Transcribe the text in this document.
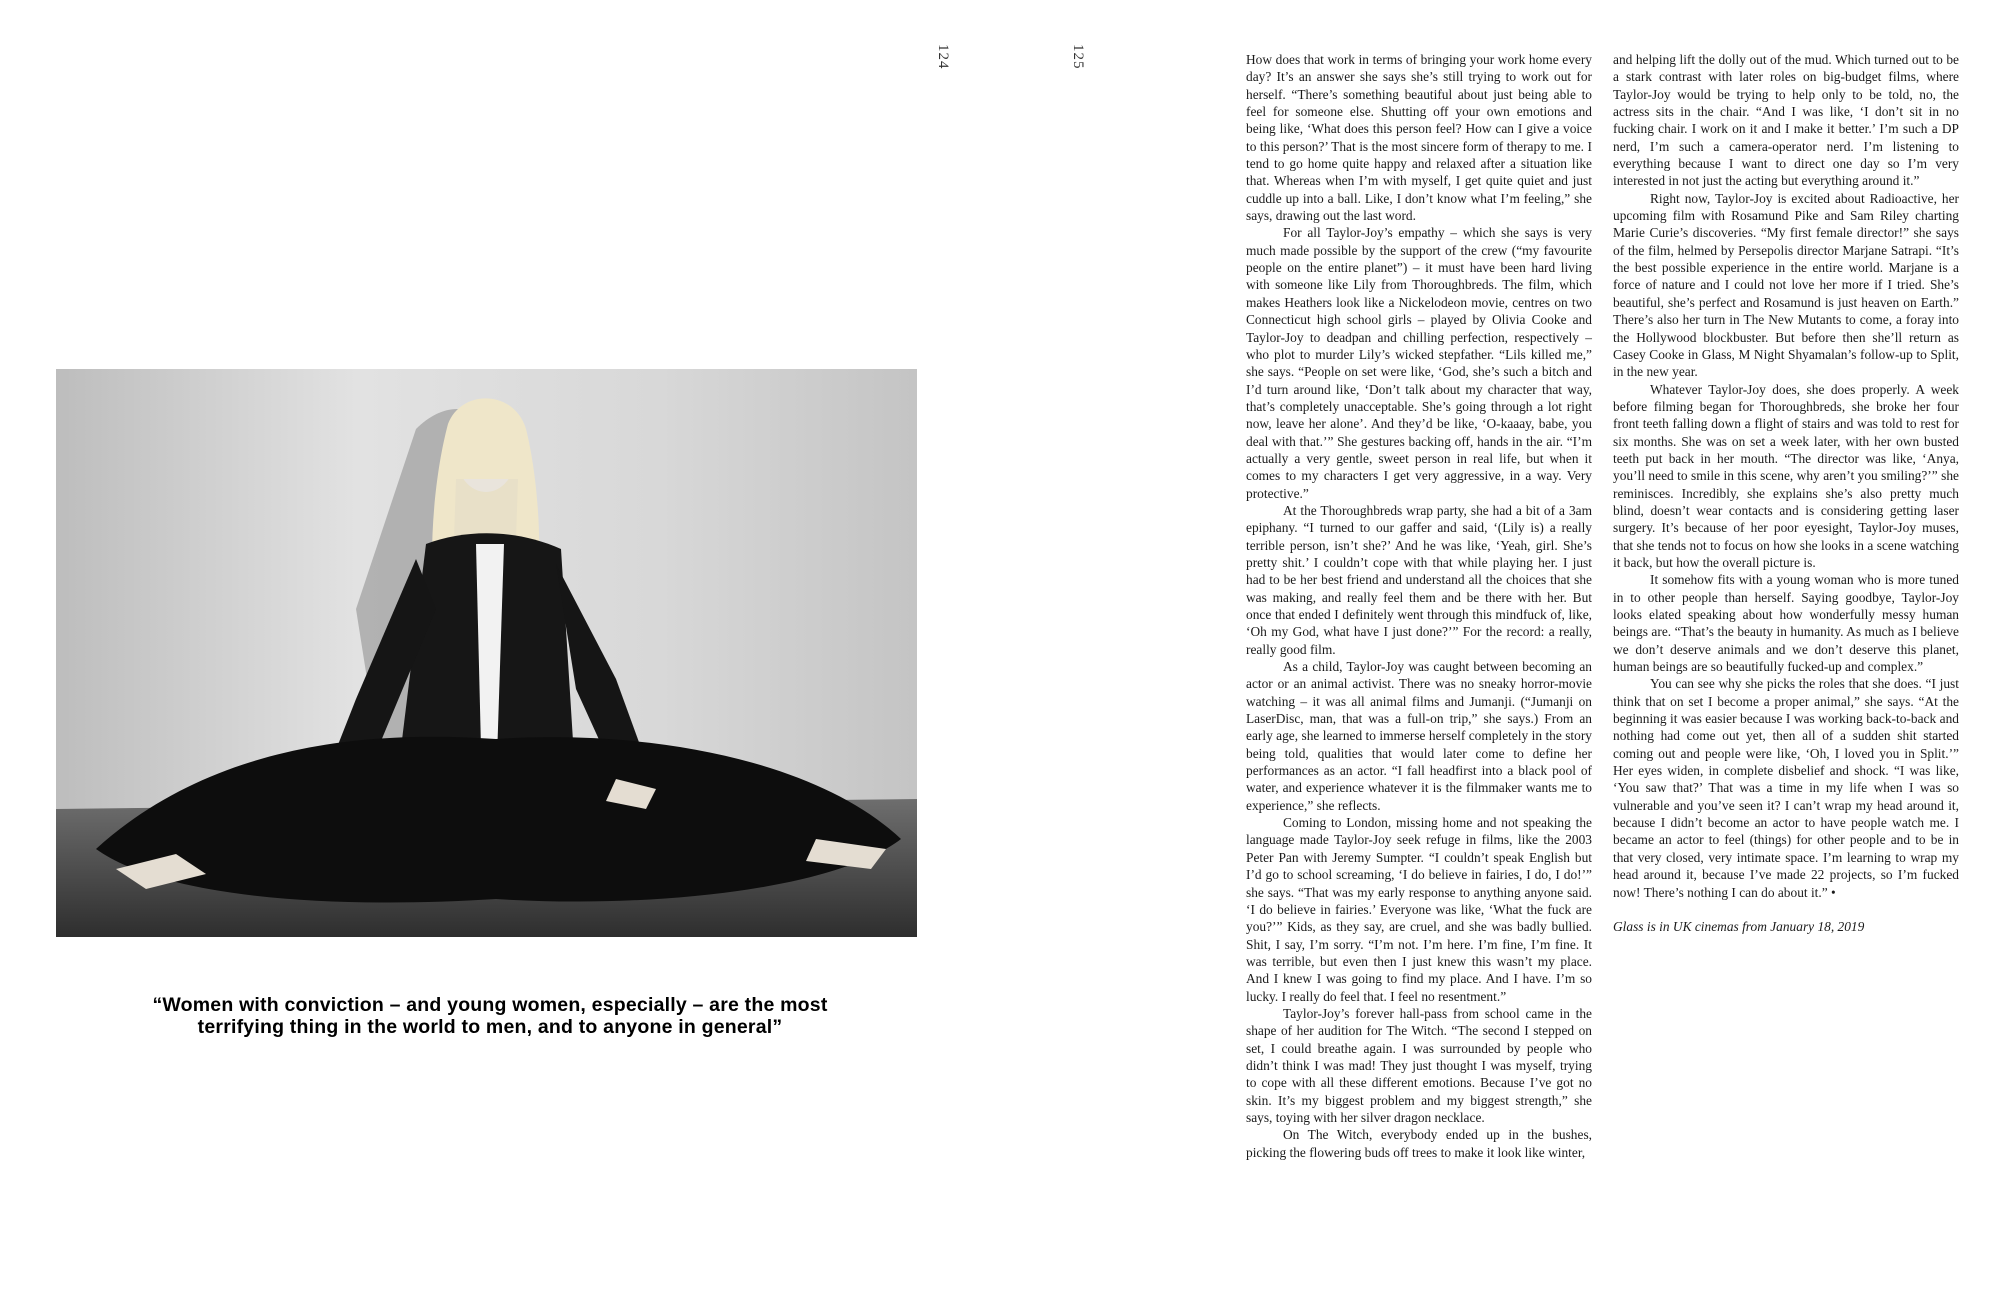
124	125
“Women with conviction – and young women, especially – are the most terrifying thing in the world to men, and to anyone in general”

How does that work in terms of bringing your work home every day? It’s an answer she says she’s still trying to work out for herself. “There’s something beautiful about just being able to feel for someone else. Shutting off your own emotions and being like, ‘What does this person feel? How can I give a voice to this person?’ That is the most sincere form of therapy to me. I tend to go home quite happy and relaxed after a situation like that. Whereas when I’m with myself, I get quite quiet and just cuddle up into a ball. Like, I don’t know what I’m feeling,” she says, drawing out the last word.

For all Taylor-Joy’s empathy – which she says is very much made possible by the support of the crew (“my favourite people on the entire planet”) – it must have been hard living with someone like Lily from Thoroughbreds. The film, which makes Heathers look like a Nickelodeon movie, centres on two Connecticut high school girls – played by Olivia Cooke and Taylor-Joy to deadpan and chilling perfection, respectively – who plot to murder Lily’s wicked stepfather. “Lils killed me,” she says. “People on set were like, ‘God, she’s such a bitch and I’d turn around like, ‘Don’t talk about my character that way, that’s completely unacceptable. She’s going through a lot right now, leave her alone’. And they’d be like, ‘O-kaaay, babe, you deal with that.’” She gestures backing off, hands in the air. “I’m actually a very gentle, sweet person in real life, but when it comes to my characters I get very aggressive, in a way. Very protective.”

At the Thoroughbreds wrap party, she had a bit of a 3am epiphany. “I turned to our gaffer and said, ‘(Lily is) a really terrible person, isn’t she?’ And he was like, ‘Yeah, girl. She’s pretty shit.’ I couldn’t cope with that while playing her. I just had to be her best friend and understand all the choices that she was making, and really feel them and be there with her. But once that ended I definitely went through this mindfuck of, like, ‘Oh my God, what have I just done?’” For the record: a really, really good film.

As a child, Taylor-Joy was caught between becoming an actor or an animal activist. There was no sneaky horror-movie watching – it was all animal films and Jumanji. (“Jumanji on LaserDisc, man, that was a full-on trip,” she says.) From an early age, she learned to immerse herself completely in the story being told, qualities that would later come to define her performances as an actor. “I fall headfirst into a black pool of water, and experience whatever it is the filmmaker wants me to experience,” she reflects.

Coming to London, missing home and not speaking the language made Taylor-Joy seek refuge in films, like the 2003 Peter Pan with Jeremy Sumpter. “I couldn’t speak English but I’d go to school screaming, ‘I do believe in fairies, I do, I do!’” she says. “That was my early response to anything anyone said. ‘I do believe in fairies.’ Everyone was like, ‘What the fuck are you?’” Kids, as they say, are cruel, and she was badly bullied. Shit, I say, I’m sorry. “I’m not. I’m here. I’m fine, I’m fine. It was terrible, but even then I just knew this wasn’t my place. And I knew I was going to find my place. And I have. I’m so lucky. I really do feel that. I feel no resentment.”

Taylor-Joy’s forever hall-pass from school came in the shape of her audition for The Witch. “The second I stepped on set, I could breathe again. I was surrounded by people who didn’t think I was mad! They just thought I was myself, trying to cope with all these different emotions. Because I’ve got no skin. It’s my biggest problem and my biggest strength,” she says, toying with her silver dragon necklace.

On The Witch, everybody ended up in the bushes, picking the flowering buds off trees to make it look like winter,

and helping lift the dolly out of the mud. Which turned out to be a stark contrast with later roles on big-budget films, where Taylor-Joy would be trying to help only to be told, no, the actress sits in the chair. “And I was like, ‘I don’t sit in no fucking chair. I work on it and I make it better.’ I’m such a DP nerd, I’m such a camera-operator nerd. I’m listening to everything because I want to direct one day so I’m very interested in not just the acting but everything around it.”

Right now, Taylor-Joy is excited about Radioactive, her upcoming film with Rosamund Pike and Sam Riley charting Marie Curie’s discoveries. “My first female director!” she says of the film, helmed by Persepolis director Marjane Satrapi. “It’s the best possible experience in the entire world. Marjane is a force of nature and I could not love her more if I tried. She’s beautiful, she’s perfect and Rosamund is just heaven on Earth.” There’s also her turn in The New Mutants to come, a foray into the Hollywood blockbuster. But before then she’ll return as Casey Cooke in Glass, M Night Shyamalan’s follow-up to Split, in the new year.

Whatever Taylor-Joy does, she does properly. A week before filming began for Thoroughbreds, she broke her four front teeth falling down a flight of stairs and was told to rest for six months. She was on set a week later, with her own busted teeth put back in her mouth. “The director was like, ‘Anya, you’ll need to smile in this scene, why aren’t you smiling?’” she reminisces. Incredibly, she explains she’s also pretty much blind, doesn’t wear contacts and is considering getting laser surgery. It’s because of her poor eyesight, Taylor-Joy muses, that she tends not to focus on how she looks in a scene watching it back, but how the overall picture is.

It somehow fits with a young woman who is more tuned in to other people than herself. Saying goodbye, Taylor-Joy looks elated speaking about how wonderfully messy human beings are. “That’s the beauty in humanity. As much as I believe we don’t deserve animals and we don’t deserve this planet, human beings are so beautifully fucked-up and complex.”

You can see why she picks the roles that she does. “I just think that on set I become a proper animal,” she says. “At the beginning it was easier because I was working back-to-back and nothing had come out yet, then all of a sudden shit started coming out and people were like, ‘Oh, I loved you in Split.’” Her eyes widen, in complete disbelief and shock. “I was like, ‘You saw that?’ That was a time in my life when I was so vulnerable and you’ve seen it? I can’t wrap my head around it, because I didn’t become an actor to have people watch me. I became an actor to feel (things) for other people and to be in that very closed, very intimate space. I’m learning to wrap my head around it, because I’ve made 22 projects, so I’m fucked now! There’s nothing I can do about it.” •

Glass is in UK cinemas from January 18, 2019
